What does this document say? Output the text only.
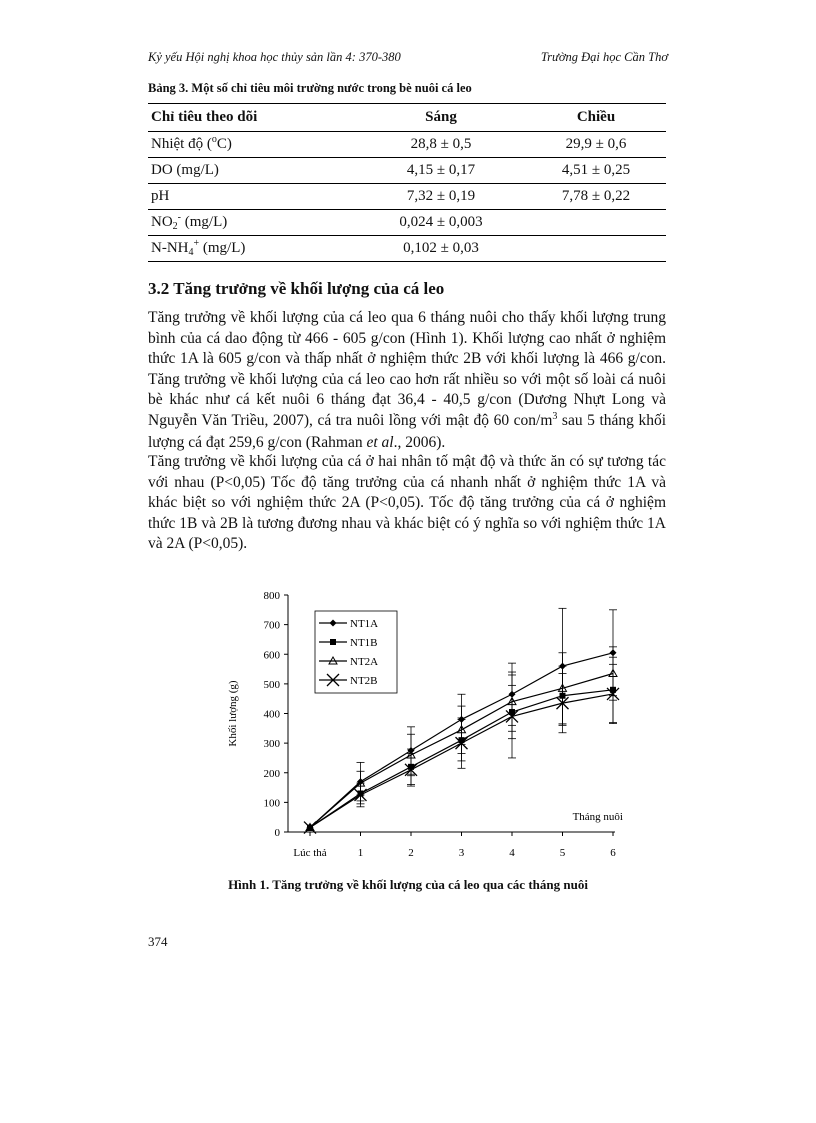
Kỷ yếu Hội nghị khoa học thủy sản lần 4: 370-380	Trường Đại học Cần Thơ
Bảng 3. Một số chỉ tiêu môi trường nước trong bè nuôi cá leo
Chỉ tiêu theo dõi	Sáng	Chiều
Nhiệt độ ($^o$C)	28,8 ± 0,5	29,9 ± 0,6
DO (mg/L)	4,15 ± 0,17	4,51 ± 0,25
pH	7,32 ± 0,19	7,78 ± 0,22
$NO_2^-$ (mg/L)	0,024 ± 0,003	
$N-NH_4^+$ (mg/L)	0,102 ± 0,03	
3.2 Tăng trưởng về khối lượng của cá leo

Tăng trưởng về khối lượng của cá leo qua 6 tháng nuôi cho thấy khối lượng trung bình của cá dao động từ 466 - 605 g/con (Hình 1). Khối lượng cao nhất ở nghiệm thức 1A là 605 g/con và thấp nhất ở nghiệm thức 2B với khối lượng là 466 g/con. Tăng trưởng về khối lượng của cá leo cao hơn rất nhiều so với một số loài cá nuôi bè khác như cá kết nuôi 6 tháng đạt 36,4 - 40,5 g/con (Dương Nhựt Long và Nguyễn Văn Triều, 2007), cá tra nuôi lồng với mật độ 60 con/$m^3$ sau 5 tháng khối lượng cá đạt 259,6 g/con (Rahman et al., 2006).

Tăng trưởng về khối lượng của cá ở hai nhân tố mật độ và thức ăn có sự tương tác với nhau (P<0,05) Tốc độ tăng trưởng của cá nhanh nhất ở nghiệm thức 1A và khác biệt so với nghiệm thức 2A (P<0,05). Tốc độ tăng trưởng của cá ở nghiệm thức 1B và 2B là tương đương nhau và khác biệt có ý nghĩa so với nghiệm thức 1A và 2A (P<0,05).

0
100
200
300
400
500
600
700
800
Lúc thả	1	2	3	4	5	6
Khối lượng (g)
Tháng nuôi
NT1A
NT1B
NT2A
NT2B
Hình 1. Tăng trưởng về khối lượng của cá leo qua các tháng nuôi
374
